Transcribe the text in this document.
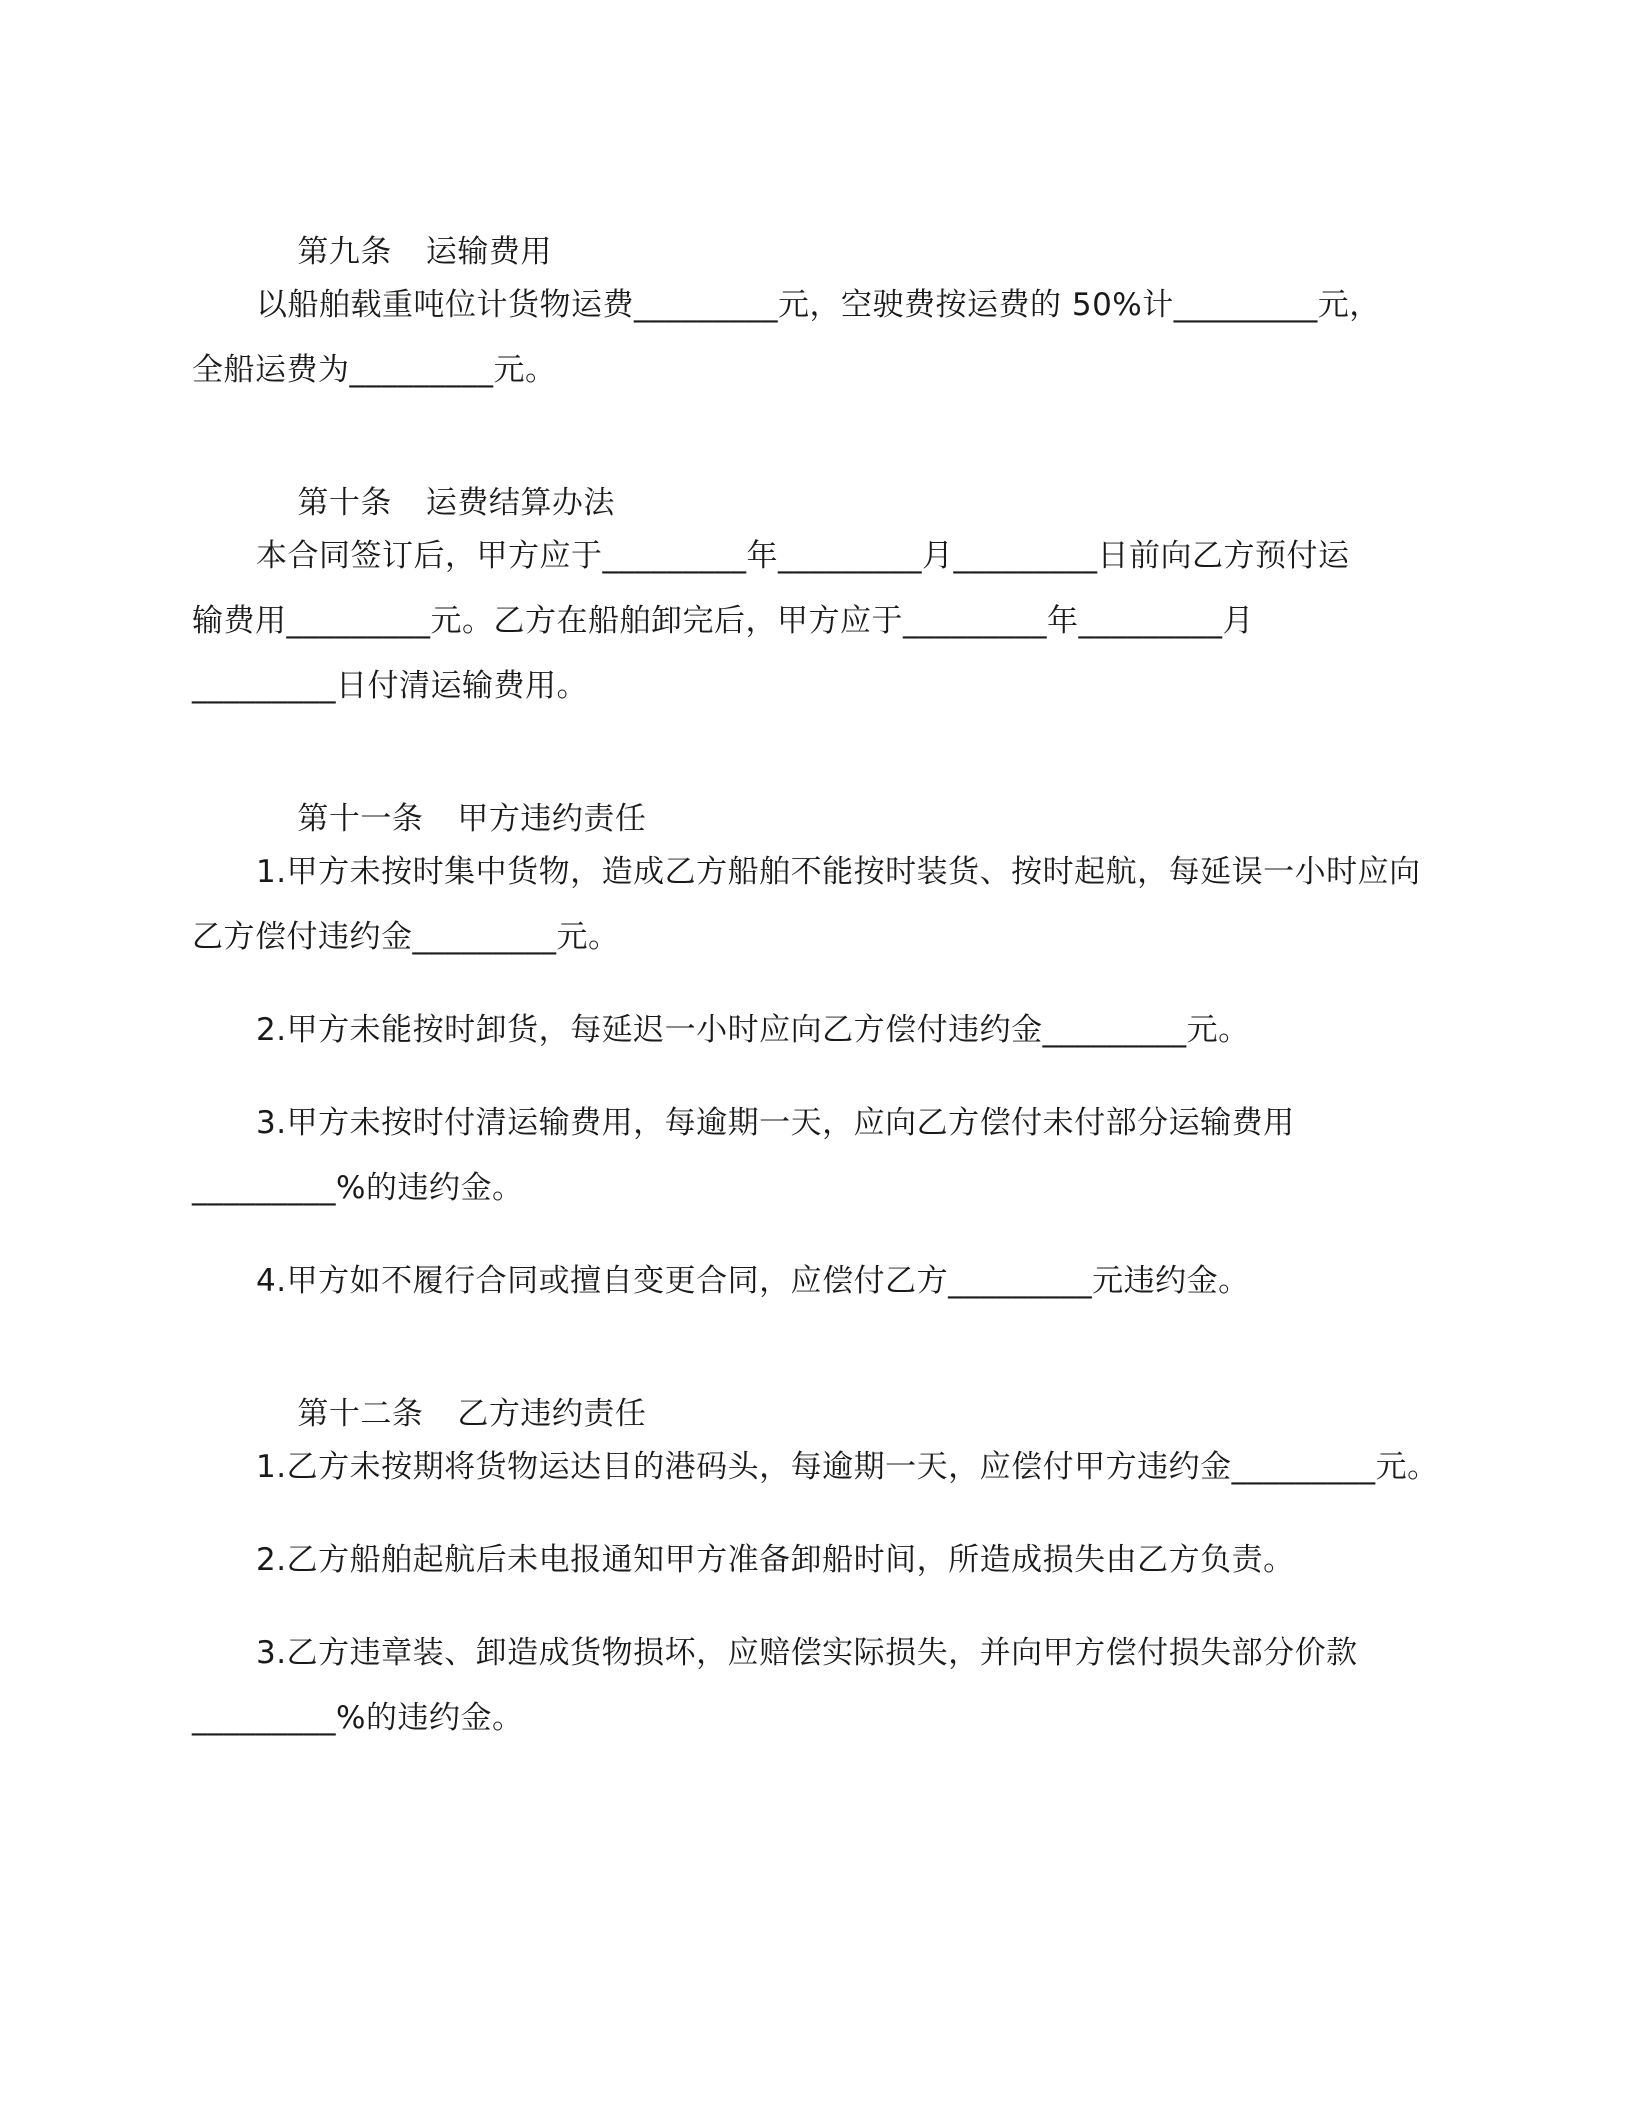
第九条 运输费用

以船舶载重吨位计货物运费_________元，空驶费按运费的 50%计_________元，
全船运费为_________元。

第十条 运费结算办法

本合同签订后，甲方应于_________年_________月_________日前向乙方预付运
输费用_________元。乙方在船舶卸完后，甲方应于_________年_________月
_________日付清运输费用。

第十一条 甲方违约责任

1.甲方未按时集中货物，造成乙方船舶不能按时装货、按时起航，每延误一小时应向
乙方偿付违约金_________元。
2.甲方未能按时卸货，每延迟一小时应向乙方偿付违约金_________元。
3.甲方未按时付清运输费用，每逾期一天，应向乙方偿付未付部分运输费用
_________%的违约金。
4.甲方如不履行合同或擅自变更合同，应偿付乙方_________元违约金。

第十二条 乙方违约责任

1.乙方未按期将货物运达目的港码头，每逾期一天，应偿付甲方违约金_________元。
2.乙方船舶起航后未电报通知甲方准备卸船时间，所造成损失由乙方负责。
3.乙方违章装、卸造成货物损坏，应赔偿实际损失，并向甲方偿付损失部分价款
_________%的违约金。
